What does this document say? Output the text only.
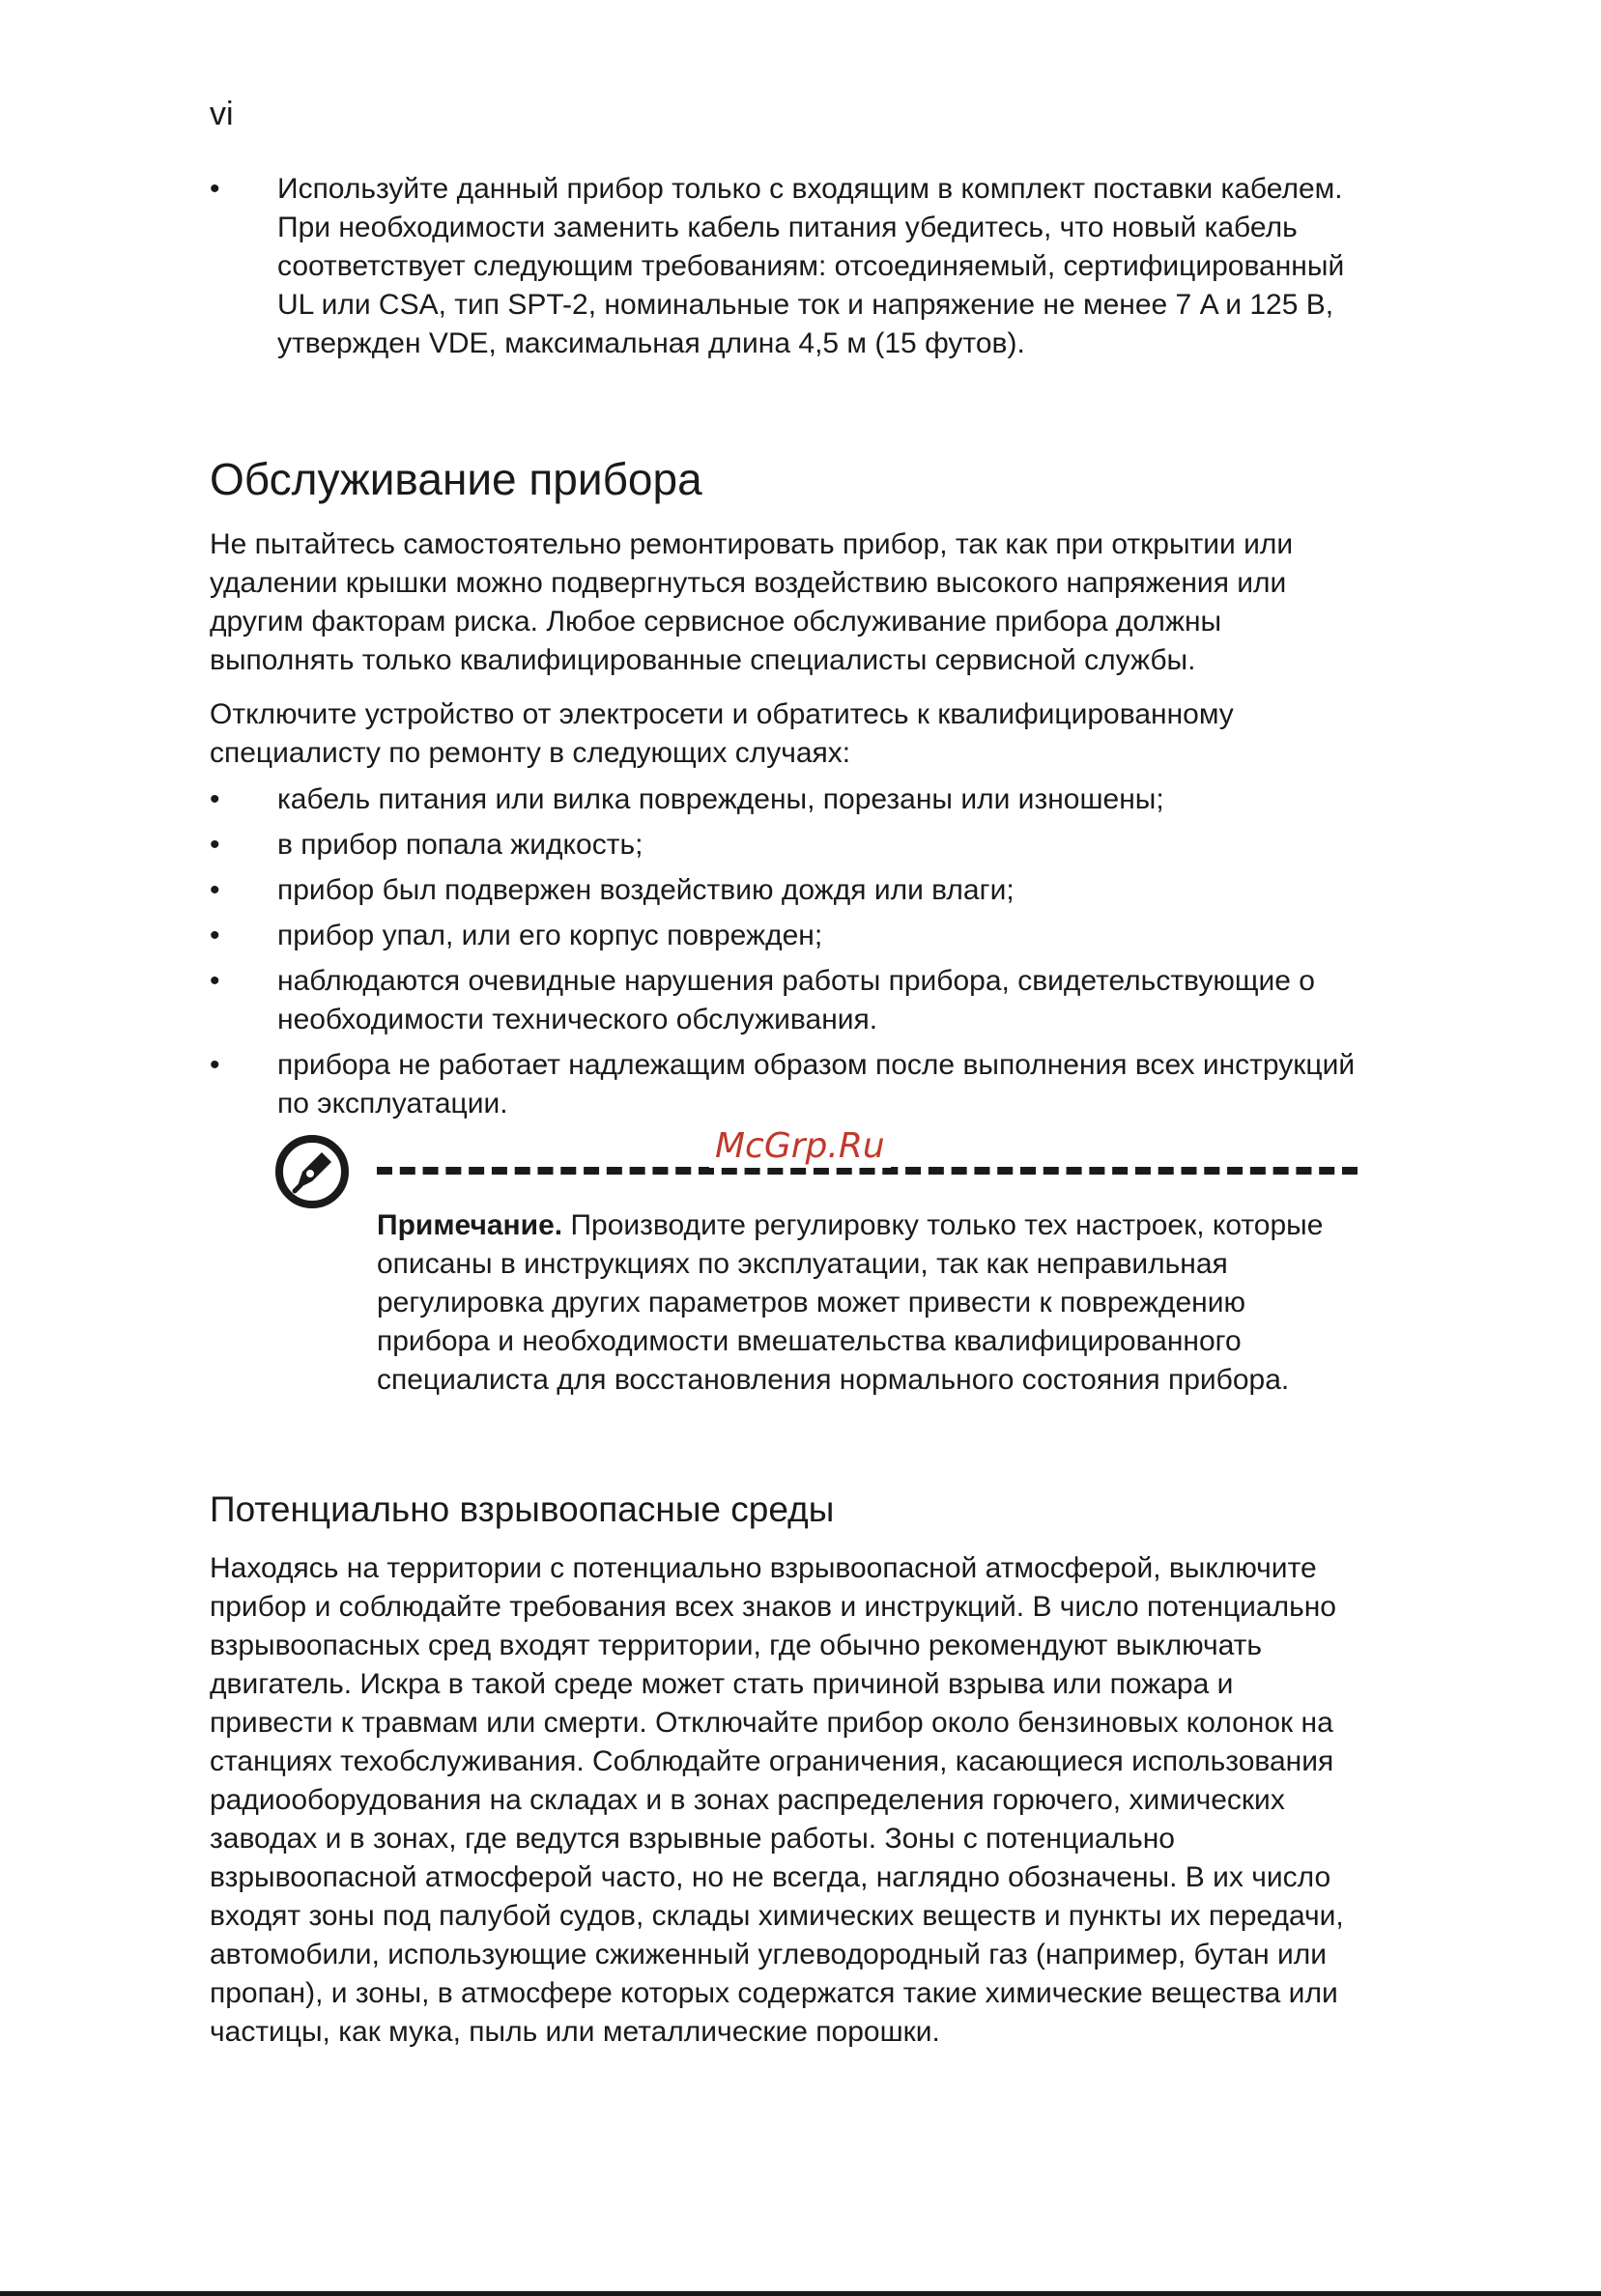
vi
• Используйте данный прибор только с входящим в комплект поставки кабелем. При необходимости заменить кабель питания убедитесь, что новый кабель соответствует следующим требованиям: отсоединяемый, сертифицированный UL или CSA, тип SPT-2, номинальные ток и напряжение не менее 7 A и 125 В, утвержден VDE, максимальная длина 4,5 м (15 футов).
Обслуживание прибора

Не пытайтесь самостоятельно ремонтировать прибор, так как при открытии или удалении крышки можно подвергнуться воздействию высокого напряжения или другим факторам риска. Любое сервисное обслуживание прибора должны выполнять только квалифицированные специалисты сервисной службы.

Отключите устройство от электросети и обратитесь к квалифицированному специалисту по ремонту в следующих случаях:

• кабель питания или вилка повреждены, порезаны или изношены;
• в прибор попала жидкость;
• прибор был подвержен воздействию дождя или влаги;
• прибор упал, или его корпус поврежден;
• наблюдаются очевидные нарушения работы прибора, свидетельствующие о необходимости технического обслуживания.
• прибора не работает надлежащим образом после выполнения всех инструкций по эксплуатации.
McGrp.Ru
Примечание. Производите регулировку только тех настроек, которые описаны в инструкциях по эксплуатации, так как неправильная регулировка других параметров может привести к повреждению прибора и необходимости вмешательства квалифицированного специалиста для восстановления нормального состояния прибора.
Потенциально взрывоопасные среды

Находясь на территории с потенциально взрывоопасной атмосферой, выключите прибор и соблюдайте требования всех знаков и инструкций. В число потенциально взрывоопасных сред входят территории, где обычно рекомендуют выключать двигатель. Искра в такой среде может стать причиной взрыва или пожара и привести к травмам или смерти. Отключайте прибор около бензиновых колонок на станциях техобслуживания. Соблюдайте ограничения, касающиеся использования радиооборудования на складах и в зонах распределения горючего, химических заводах и в зонах, где ведутся взрывные работы. Зоны с потенциально взрывоопасной атмосферой часто, но не всегда, наглядно обозначены. В их число входят зоны под палубой судов, склады химических веществ и пункты их передачи, автомобили, использующие сжиженный углеводородный газ (например, бутан или пропан), и зоны, в атмосфере которых содержатся такие химические вещества или частицы, как мука, пыль или металлические порошки.
